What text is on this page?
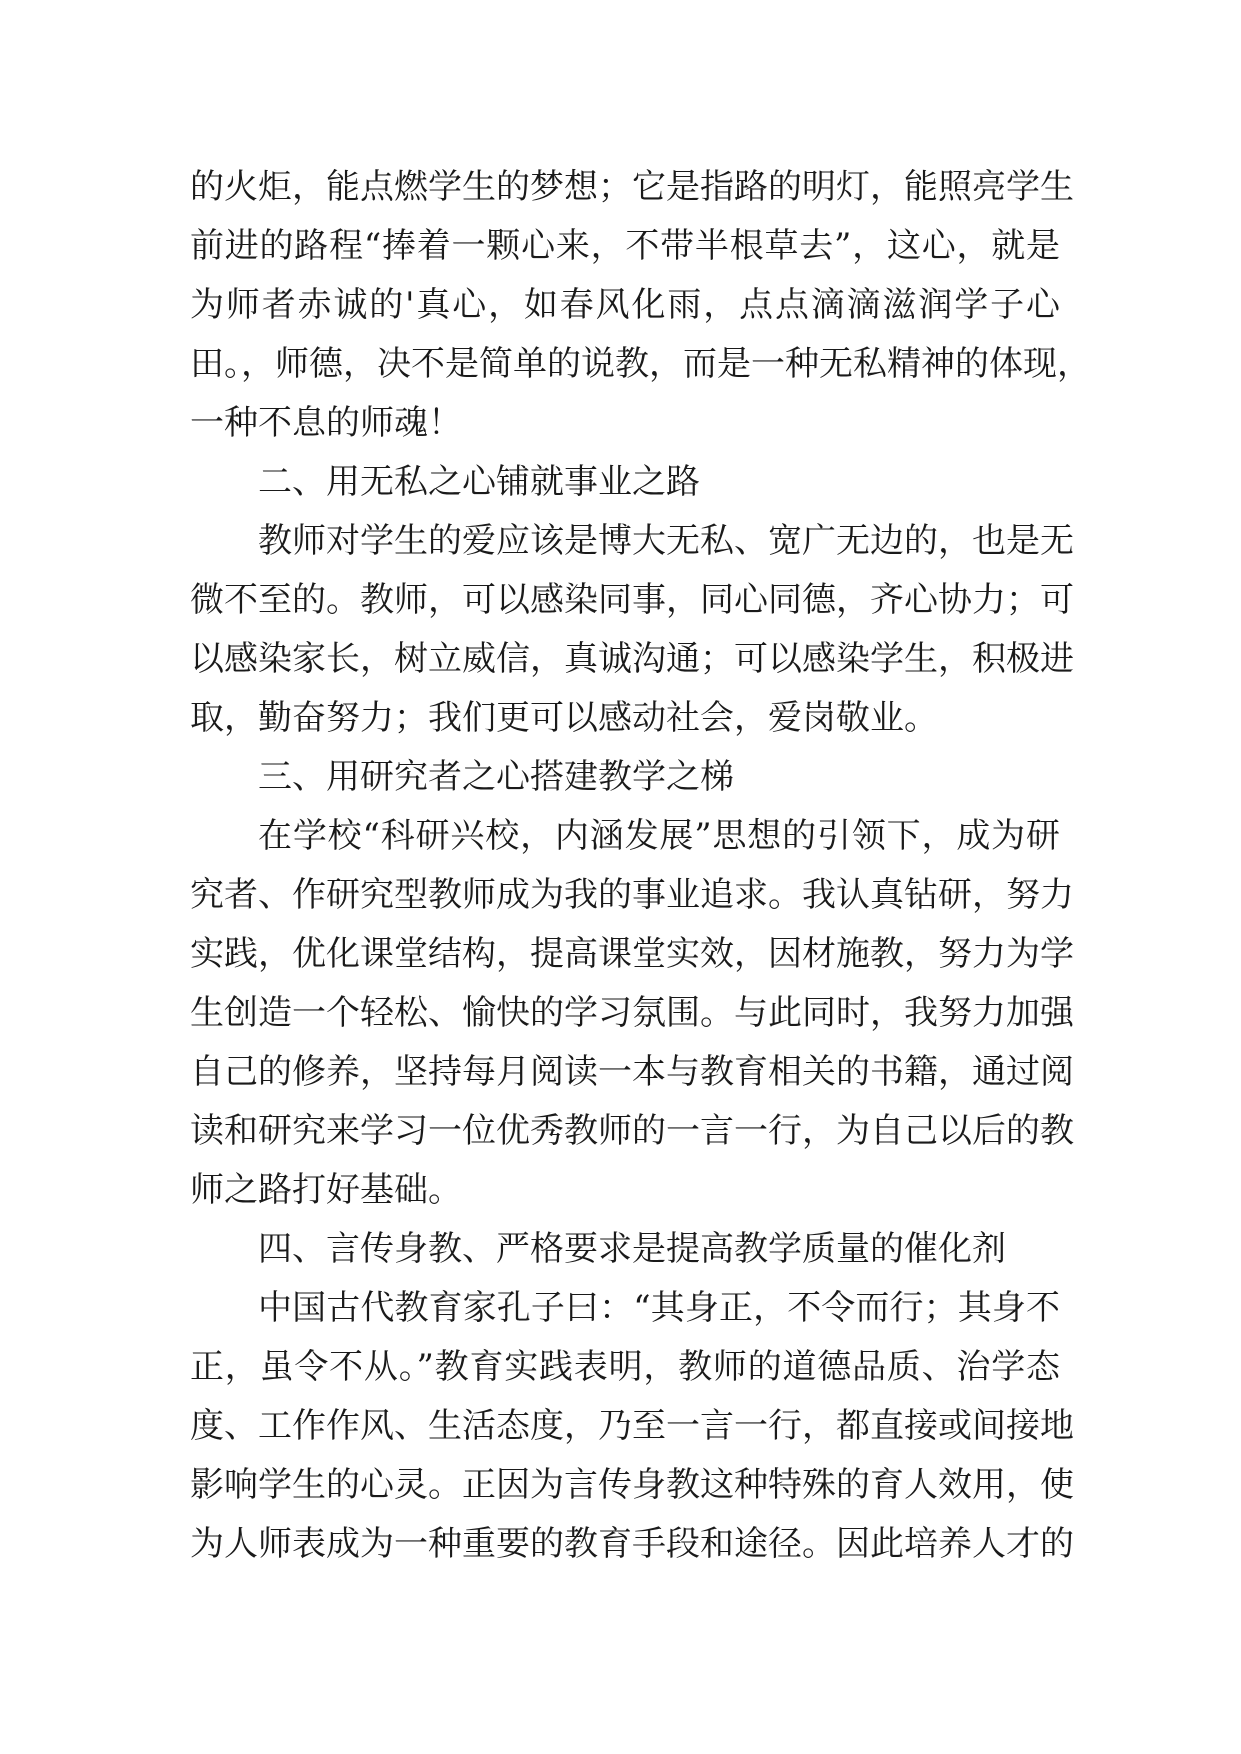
的火炬，能点燃学生的梦想；它是指路的明灯，能照亮学生
前进的路程“捧着一颗心来，不带半根草去”，这心，就是
为师者赤诚的'真心，如春风化雨，点点滴滴滋润学子心
田。，师德，决不是简单的说教，而是一种无私精神的体现，
一种不息的师魂！
二、用无私之心铺就事业之路
教师对学生的爱应该是博大无私、宽广无边的，也是无
微不至的。教师，可以感染同事，同心同德，齐心协力；可
以感染家长，树立威信，真诚沟通；可以感染学生，积极进
取，勤奋努力；我们更可以感动社会，爱岗敬业。
三、用研究者之心搭建教学之梯
在学校“科研兴校，内涵发展”思想的引领下，成为研
究者、作研究型教师成为我的事业追求。我认真钻研，努力
实践，优化课堂结构，提高课堂实效，因材施教，努力为学
生创造一个轻松、愉快的学习氛围。与此同时，我努力加强
自己的修养，坚持每月阅读一本与教育相关的书籍，通过阅
读和研究来学习一位优秀教师的一言一行，为自己以后的教
师之路打好基础。
四、言传身教、严格要求是提高教学质量的催化剂
中国古代教育家孔子曰：“其身正，不令而行；其身不
正，虽令不从。”教育实践表明，教师的道德品质、治学态
度、工作作风、生活态度，乃至一言一行，都直接或间接地
影响学生的心灵。正因为言传身教这种特殊的育人效用，使
为人师表成为一种重要的教育手段和途径。因此培养人才的
